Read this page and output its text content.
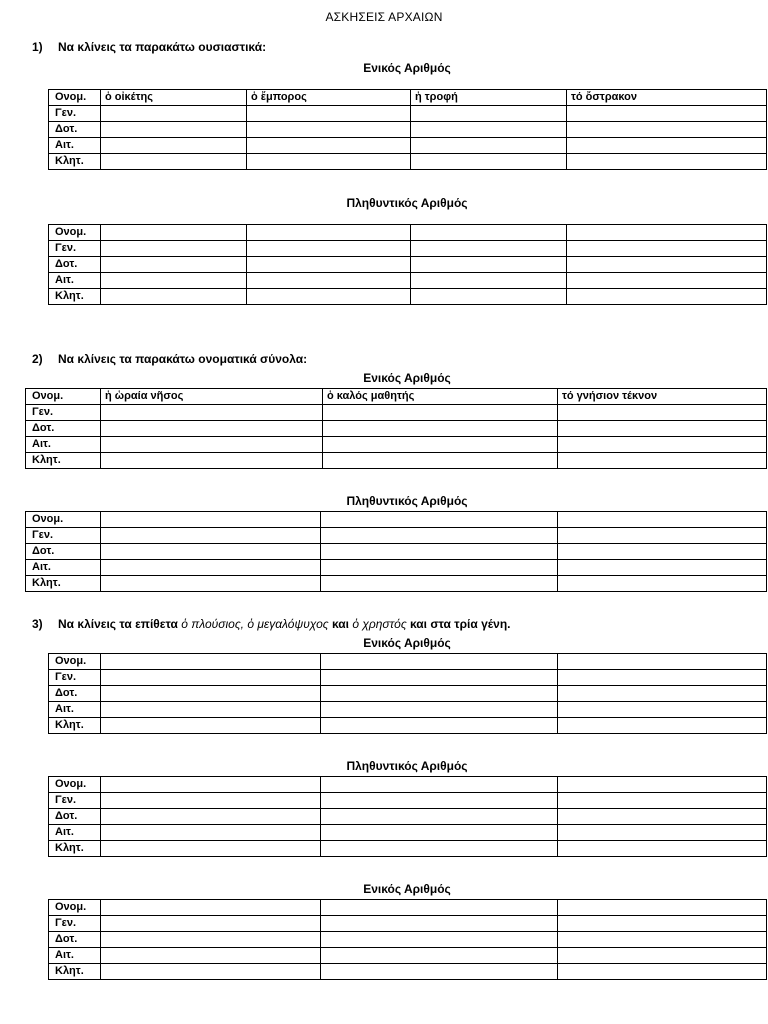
ΑΣΚΗΣΕΙΣ ΑΡΧΑΙΩΝ
1) Να κλίνεις τα παρακάτω ουσιαστικά:
Ενικός Αριθμός
Ονομ.	ὁ οἰκέτης	ὁ ἔμπορος	ἡ τροφή	τό ὄστρακον
Γεν.				
Δοτ.				
Αιτ.				
Κλητ.				
Πληθυντικός Αριθμός
Ονομ.				
Γεν.				
Δοτ.				
Αιτ.				
Κλητ.				
2) Να κλίνεις τα παρακάτω ονοματικά σύνολα:
Ενικός Αριθμός
Ονομ.	ἡ ὡραία νῆσος	ὁ καλός μαθητής	τό γνήσιον τέκνον
Γεν.			
Δοτ.			
Αιτ.			
Κλητ.			
Πληθυντικός Αριθμός
Ονομ.			
Γεν.			
Δοτ.			
Αιτ.			
Κλητ.			
3) Να κλίνεις τα επίθετα ὁ πλούσιος, ὁ μεγαλόψυχος και ὁ χρηστός και στα τρία γένη.
Ενικός Αριθμός
Ονομ.			
Γεν.			
Δοτ.			
Αιτ.			
Κλητ.			
Πληθυντικός Αριθμός
Ονομ.			
Γεν.			
Δοτ.			
Αιτ.			
Κλητ.			
Ενικός Αριθμός
Ονομ.			
Γεν.			
Δοτ.			
Αιτ.			
Κλητ.			
